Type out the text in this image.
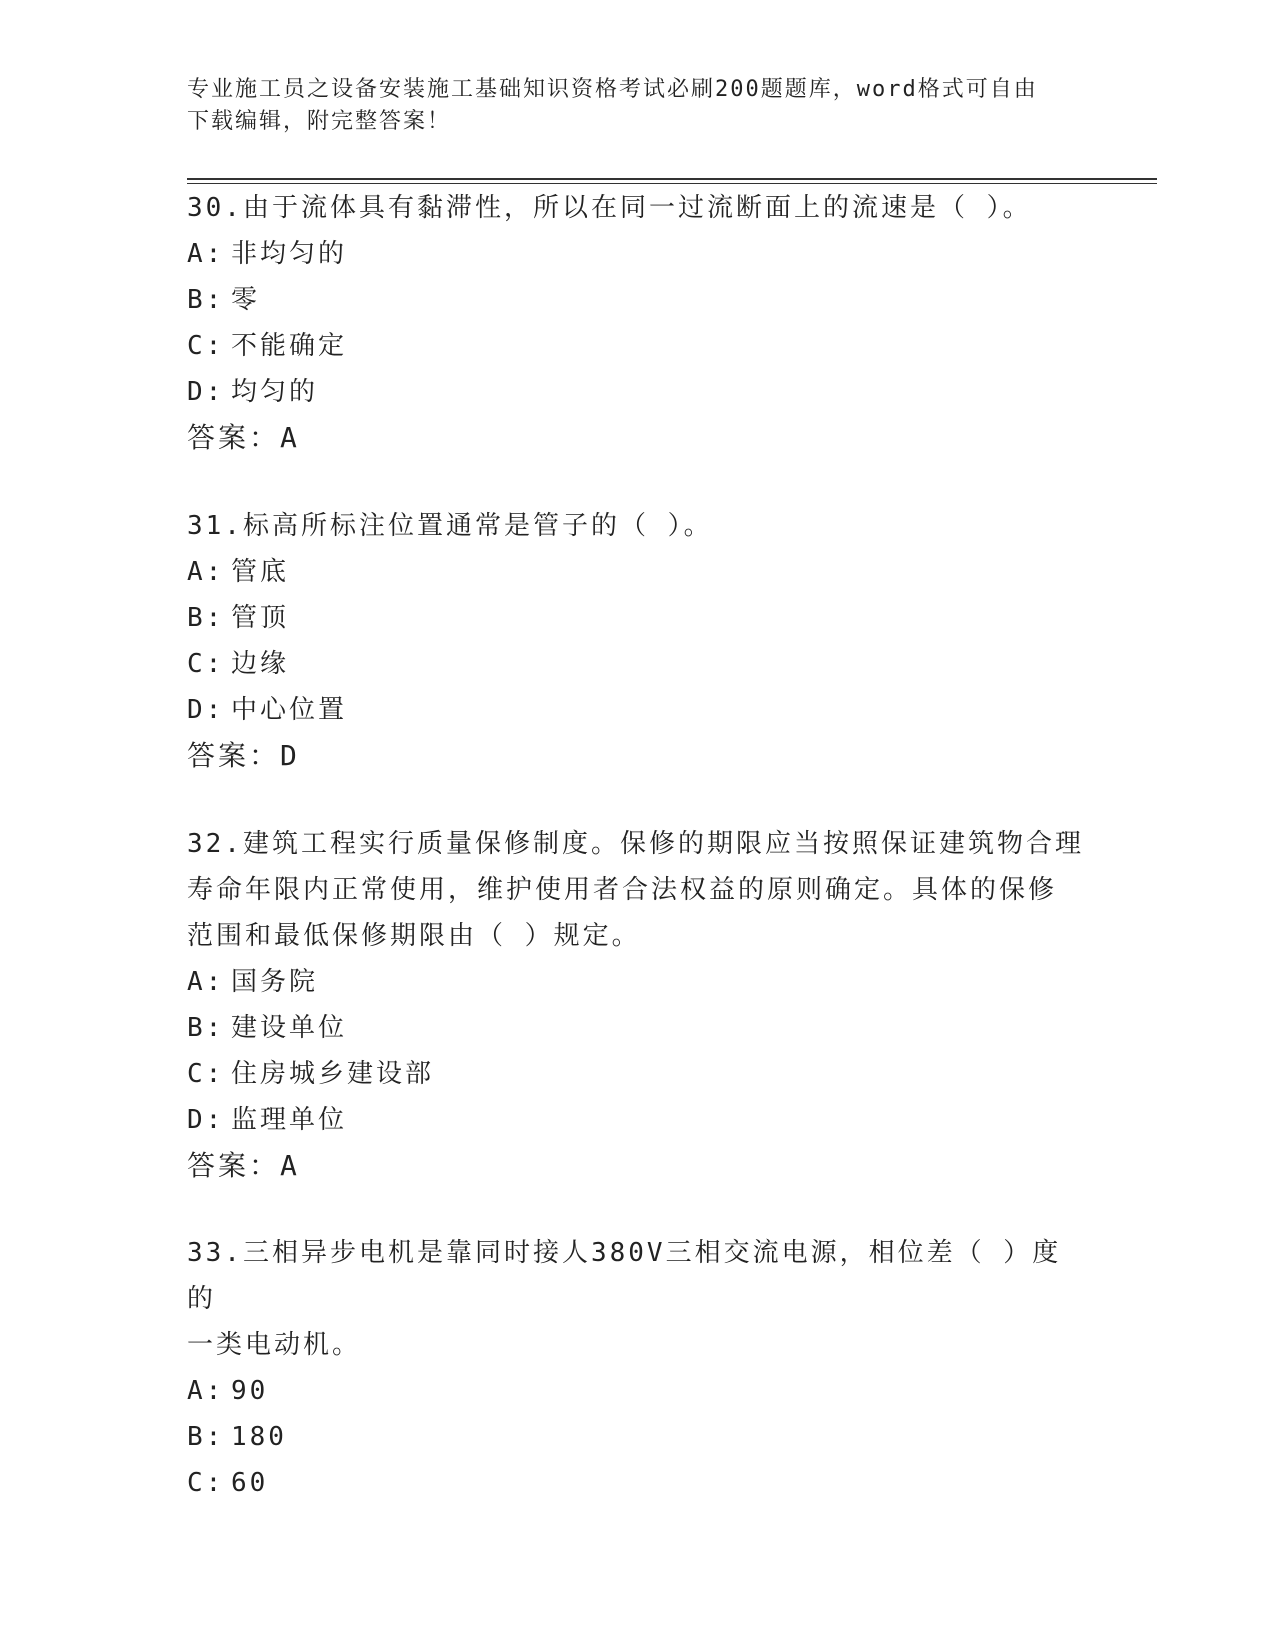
专业施工员之设备安装施工基础知识资格考试必刷200题题库，word格式可自由
下载编辑，附完整答案！
30.由于流体具有黏滞性，所以在同一过流断面上的流速是（ ）。
A: 非均匀的
B: 零
C: 不能确定
D: 均匀的
答案：A
31.标高所标注位置通常是管子的（ ）。
A: 管底
B: 管顶
C: 边缘
D: 中心位置
答案：D
32.建筑工程实行质量保修制度。保修的期限应当按照保证建筑物合理
寿命年限内正常使用，维护使用者合法权益的原则确定。具体的保修
范围和最低保修期限由（ ）规定。
A: 国务院
B: 建设单位
C: 住房城乡建设部
D: 监理单位
答案：A
33.三相异步电机是靠同时接人380V三相交流电源，相位差（ ）度的
一类电动机。
A: 90
B: 180
C: 60
